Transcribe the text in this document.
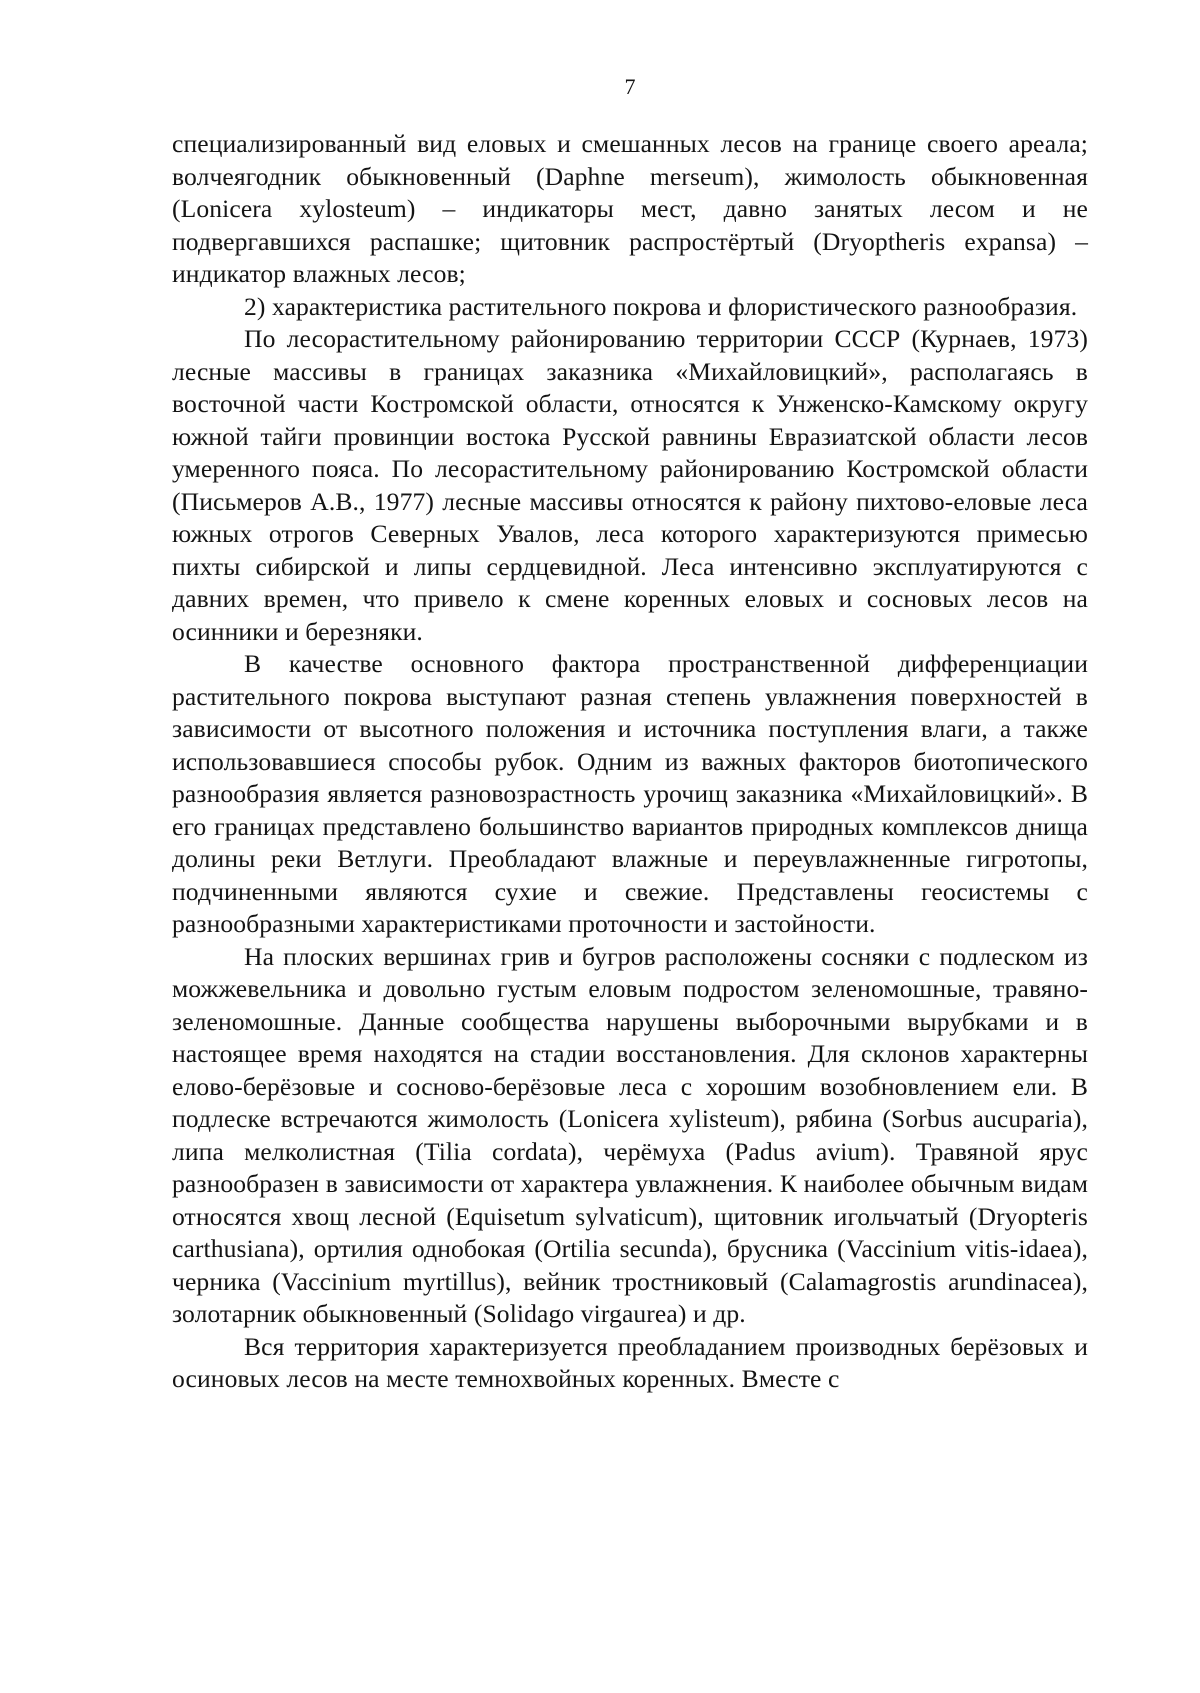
7

специализированный вид еловых и смешанных лесов на границе своего ареала; волчеягодник обыкновенный (Daphne merseum), жимолость обыкновенная (Lonicera xylosteum) – индикаторы мест, давно занятых лесом и не подвергавшихся распашке; щитовник распростёртый (Dryoptheris expansa) – индикатор влажных лесов;

2) характеристика растительного покрова и флористического разнообразия.

По лесорастительному районированию территории СССР (Курнаев, 1973) лесные массивы в границах заказника «Михайловицкий», располагаясь в восточной части Костромской области, относятся к Унженско-Камскому округу южной тайги провинции востока Русской равнины Евразиатской области лесов умеренного пояса. По лесорастительному районированию Костромской области (Письмеров А.В., 1977) лесные массивы относятся к району пихтово-еловые леса южных отрогов Северных Увалов, леса которого характеризуются примесью пихты сибирской и липы сердцевидной. Леса интенсивно эксплуатируются с давних времен, что привело к смене коренных еловых и сосновых лесов на осинники и березняки.

В качестве основного фактора пространственной дифференциации растительного покрова выступают разная степень увлажнения поверхностей в зависимости от высотного положения и источника поступления влаги, а также использовавшиеся способы рубок. Одним из важных факторов биотопического разнообразия является разновозрастность урочищ заказника «Михайловицкий». В его границах представлено большинство вариантов природных комплексов днища долины реки Ветлуги. Преобладают влажные и переувлажненные гигротопы, подчиненными являются сухие и свежие. Представлены геосистемы с разнообразными характеристиками проточности и застойности.

На плоских вершинах грив и бугров расположены сосняки с подлеском из можжевельника и довольно густым еловым подростом зеленомошные, травяно-зеленомошные. Данные сообщества нарушены выборочными вырубками и в настоящее время находятся на стадии восстановления. Для склонов характерны елово-берёзовые и сосново-берёзовые леса с хорошим возобновлением ели. В подлеске встречаются жимолость (Lonicera xylisteum), рябина (Sorbus aucuparia), липа мелколистная (Tilia cordata), черёмуха (Padus avium). Травяной ярус разнообразен в зависимости от характера увлажнения. К наиболее обычным видам относятся хвощ лесной (Equisetum sylvaticum), щитовник игольчатый (Dryopteris carthusiana), ортилия однобокая (Ortilia secunda), брусника (Vaccinium vitis-idaea), черника (Vaccinium myrtillus), вейник тростниковый (Calamagrostis arundinacea), золотарник обыкновенный (Solidago virgaurea) и др.

Вся территория характеризуется преобладанием производных берёзовых и осиновых лесов на месте темнохвойных коренных. Вместе с
